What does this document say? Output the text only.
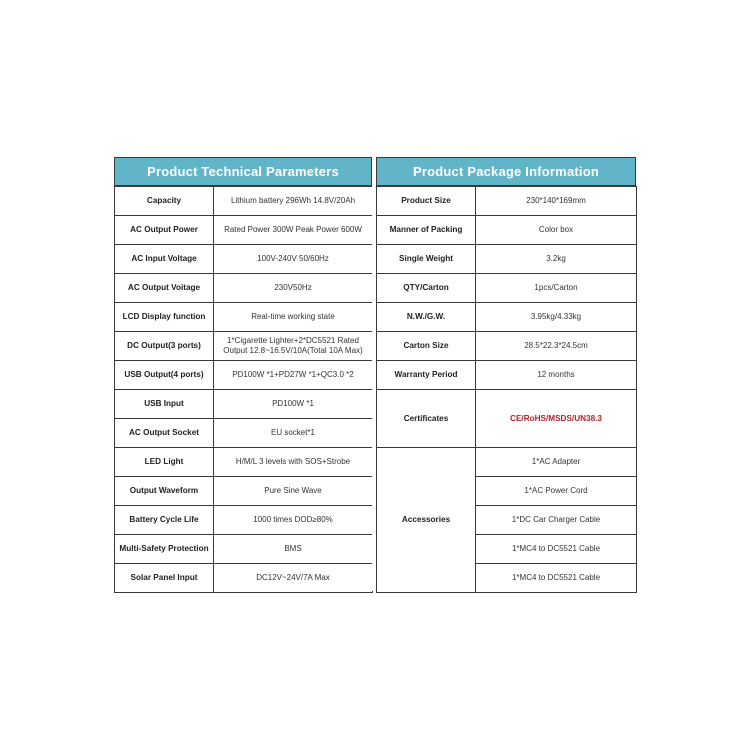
Product Technical Parameters
Capacity	Lithium battery 296Wh 14.8V/20Ah
AC Output Power	Rated Power 300W Peak Power 600W
AC Input Voltage	100V-240V 50/60Hz
AC Output Voitage	230V50Hz
LCD Display function	Real-time working state
DC Output(3 ports)	1*Cigarette Lighter+2*DC5521 Rated Output 12.8~16.5V/10A(Total 10A Max)
USB Output(4 ports)	PD100W *1+PD27W *1+QC3.0 *2
USB Input	PD100W *1
AC Output Socket	EU socket*1
LED Light	H/M/L 3 levels with SOS+Strobe
Output Waveform	Pure Sine Wave
Battery Cycle Life	1000 times DOD≥80%
Multi-Safety Protection	BMS
Solar Panel Input	DC12V~24V/7A Max
Product Package Information
Product Size	230*140*169mm
Manner of Packing	Color box
Single Weight	3.2kg
QTY/Carton	1pcs/Carton
N.W./G.W.	3.95kg/4.33kg
Carton Size	28.5*22.3*24.5cm
Warranty Period	12 months
Certificates	CE/RoHS/MSDS/UN38.3
Accessories	1*AC Adapter
	1*AC Power Cord
	1*DC Car Charger Cable
	1*MC4 to DC5521 Cable
	1*MC4 to DC5521 Cable
